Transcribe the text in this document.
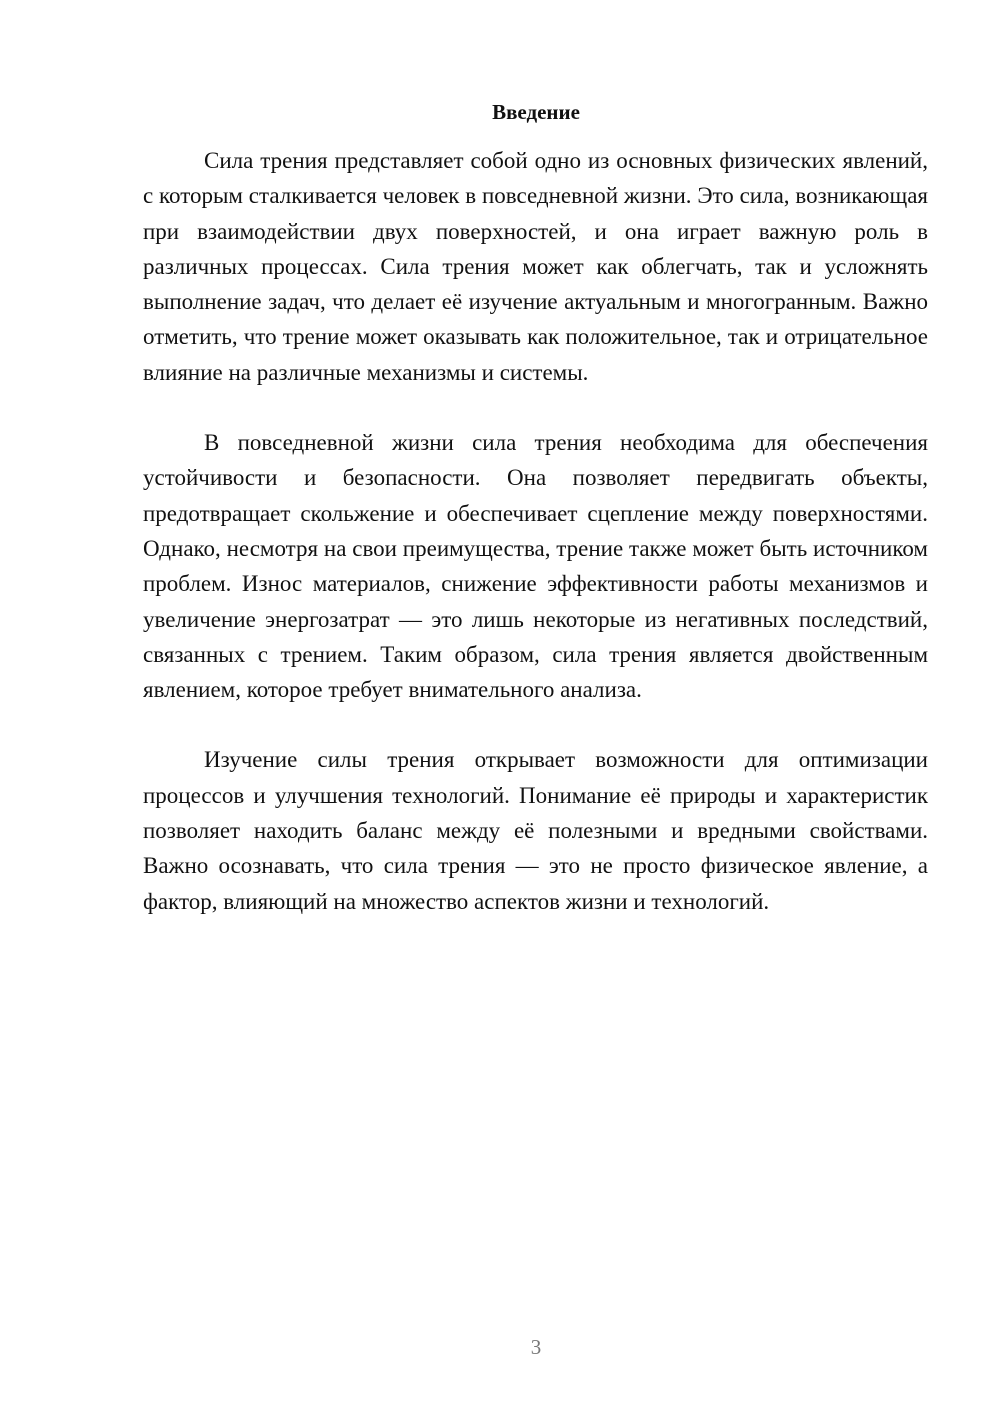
Введение

Сила трения представляет собой одно из основных физических явлений, с которым сталкивается человек в повседневной жизни. Это сила, возникающая при взаимодействии двух поверхностей, и она играет важную роль в различных процессах. Сила трения может как облегчать, так и усложнять выполнение задач, что делает её изучение актуальным и многогранным. Важно отметить, что трение может оказывать как положительное, так и отрицательное влияние на различные механизмы и системы.

В повседневной жизни сила трения необходима для обеспечения устойчивости и безопасности. Она позволяет передвигать объекты, предотвращает скольжение и обеспечивает сцепление между поверхностями. Однако, несмотря на свои преимущества, трение также может быть источником проблем. Износ материалов, снижение эффективности работы механизмов и увеличение энергозатрат — это лишь некоторые из негативных последствий, связанных с трением. Таким образом, сила трения является двойственным явлением, которое требует внимательного анализа.

Изучение силы трения открывает возможности для оптимизации процессов и улучшения технологий. Понимание её природы и характеристик позволяет находить баланс между её полезными и вредными свойствами. Важно осознавать, что сила трения — это не просто физическое явление, а фактор, влияющий на множество аспектов жизни и технологий.

3
